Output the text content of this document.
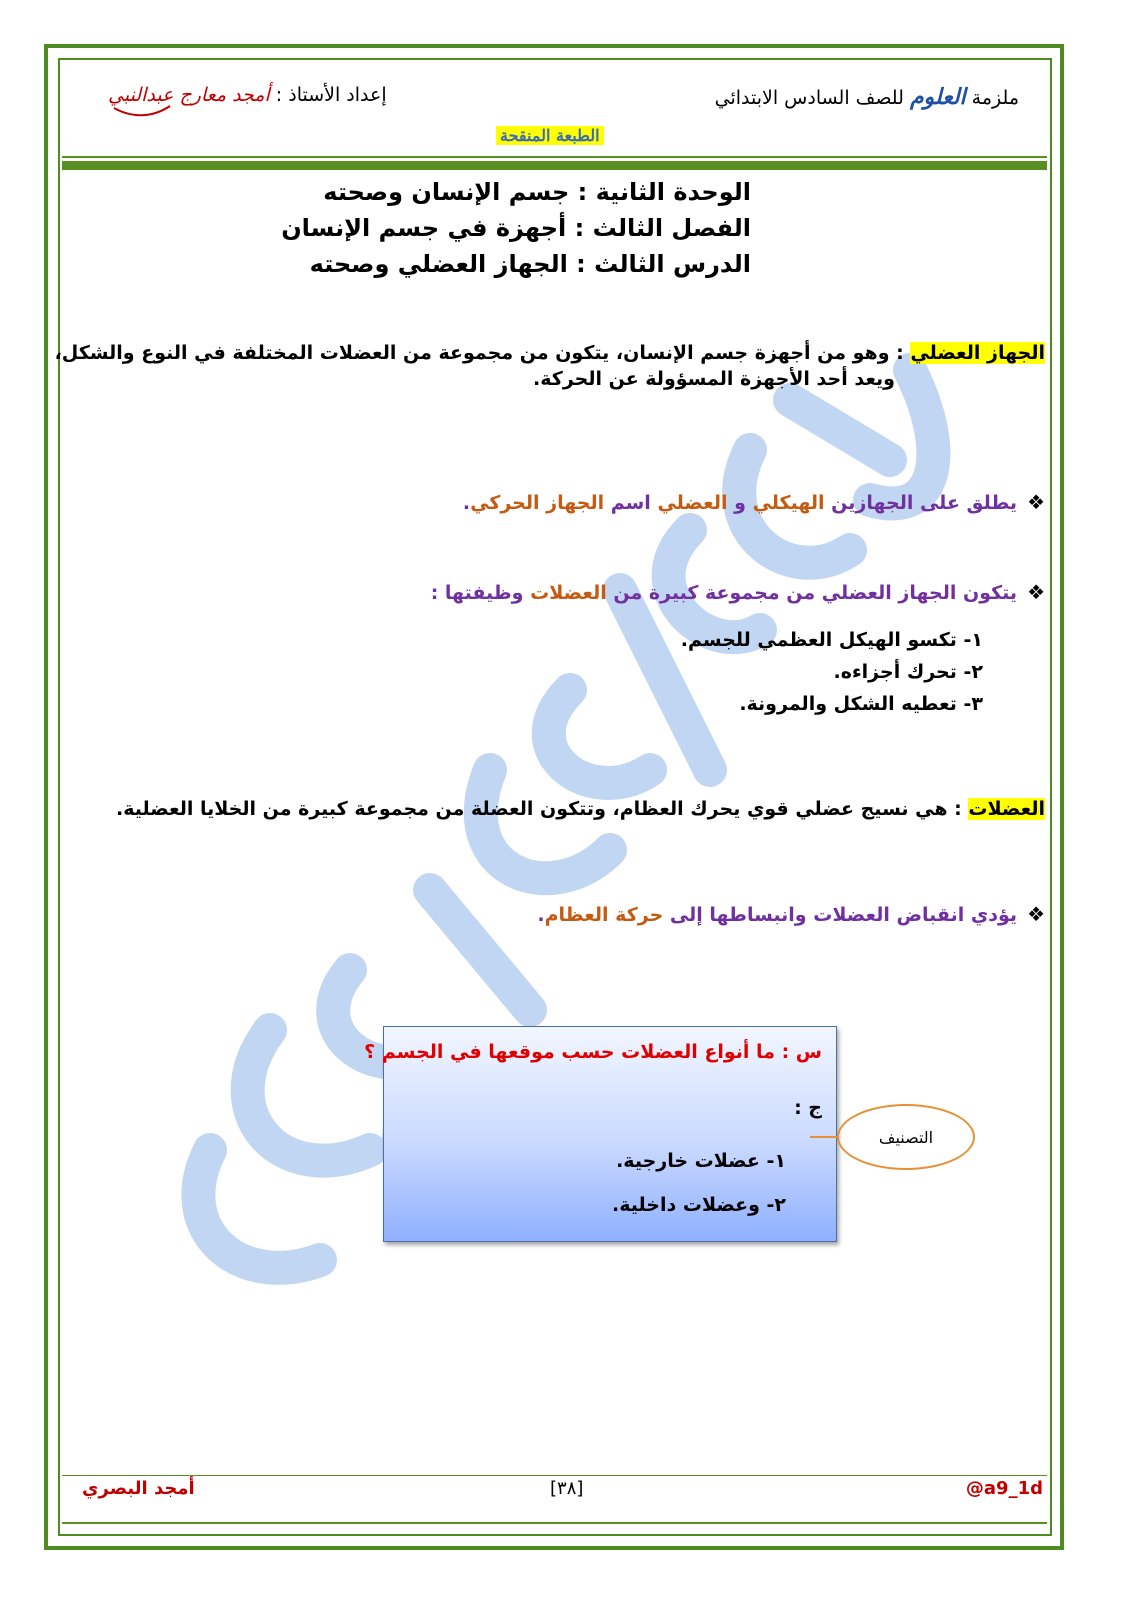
ملزمة العلوم للصف السادس الابتدائي
إعداد الأستاذ : أمجد معارج عبدالنبي
الطبعة المنقحة
الوحدة الثانية : جسم الإنسان وصحته
الفصل الثالث : أجهزة في جسم الإنسان
الدرس الثالث : الجهاز العضلي وصحته
الجهاز العضلي : وهو من أجهزة جسم الإنسان، يتكون من مجموعة من العضلات المختلفة في النوع والشكل،
ويعد أحد الأجهزة المسؤولة عن الحركة.
❖يطلق على الجهازين الهيكلي و العضلي اسم الجهاز الحركي.
❖يتكون الجهاز العضلي من مجموعة كبيرة من العضلات وظيفتها :
١- تكسو الهيكل العظمي للجسم.
٢- تحرك أجزاءه.
٣- تعطيه الشكل والمرونة.
العضلات : هي نسيج عضلي قوي يحرك العظام، وتتكون العضلة من مجموعة كبيرة من الخلايا العضلية.
❖يؤدي انقباض العضلات وانبساطها إلى حركة العظام.
س : ما أنواع العضلات حسب موقعها في الجسم ؟
ج :
١- عضلات خارجية.
٢- وعضلات داخلية.
التصنيف
أمجد البصري	[٣٨]	@a9_1d
